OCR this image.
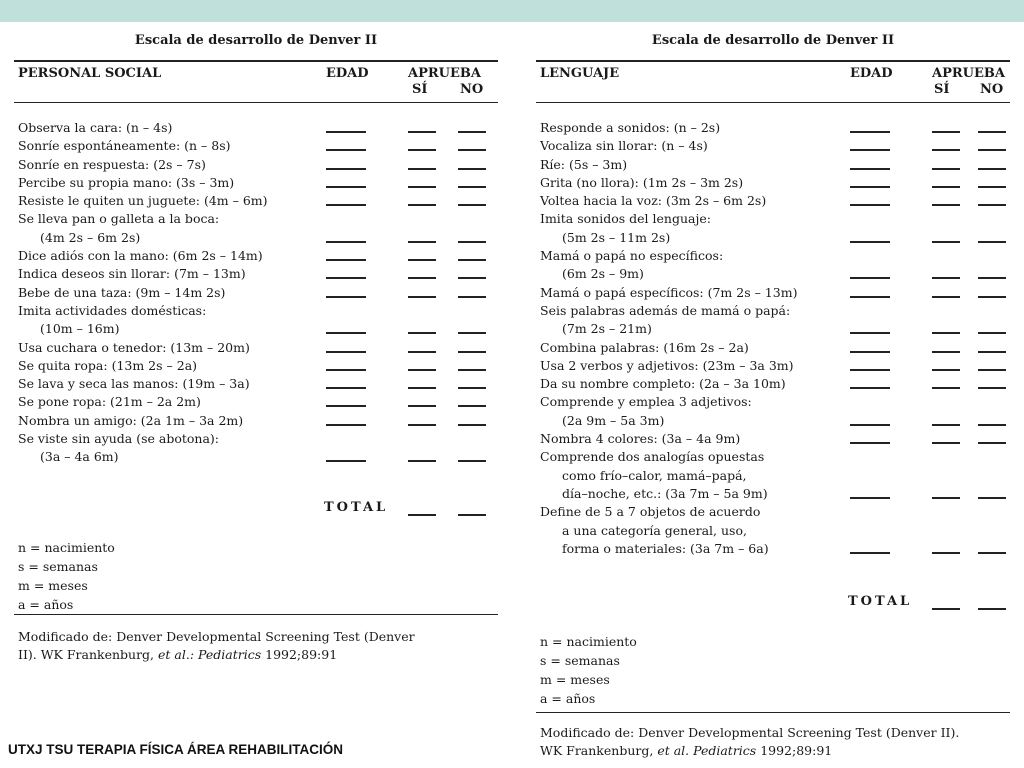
Escala de desarrollo de Denver II
PERSONAL SOCIAL	EDAD	APRUEBA
SÍ	NO
Observa la cara: (n – 4s)
Sonríe espontáneamente: (n – 8s)
Sonríe en respuesta: (2s – 7s)
Percibe su propia mano: (3s – 3m)
Resiste le quiten un juguete: (4m – 6m)
Se lleva pan o galleta a la boca:
(4m 2s – 6m 2s)
Dice adiós con la mano: (6m 2s – 14m)
Indica deseos sin llorar: (7m – 13m)
Bebe de una taza: (9m – 14m 2s)
Imita actividades domésticas:
(10m – 16m)
Usa cuchara o tenedor: (13m – 20m)
Se quita ropa: (13m 2s – 2a)
Se lava y seca las manos: (19m – 3a)
Se pone ropa: (21m – 2a 2m)
Nombra un amigo: (2a 1m – 3a 2m)
Se viste sin ayuda (se abotona):
(3a – 4a 6m)
TOTAL
n = nacimiento
s = semanas
m = meses
a = años
Modificado de: Denver Developmental Screening Test (Denver
II). WK Frankenburg, et al.: Pediatrics 1992;89:91
Escala de desarrollo de Denver II
LENGUAJE	EDAD	APRUEBA
SÍ NO
Responde a sonidos: (n – 2s)
Vocaliza sin llorar: (n – 4s)
Ríe: (5s – 3m)
Grita (no llora): (1m 2s – 3m 2s)
Voltea hacia la voz: (3m 2s – 6m 2s)
Imita sonidos del lenguaje:
(5m 2s – 11m 2s)
Mamá o papá no específicos:
(6m 2s – 9m)
Mamá o papá específicos: (7m 2s – 13m)
Seis palabras además de mamá o papá:
(7m 2s – 21m)
Combina palabras: (16m 2s – 2a)
Usa 2 verbos y adjetivos: (23m – 3a 3m)
Da su nombre completo: (2a – 3a 10m)
Comprende y emplea 3 adjetivos:
(2a 9m – 5a 3m)
Nombra 4 colores: (3a – 4a 9m)
Comprende dos analogías opuestas
como frío–calor, mamá–papá,
día–noche, etc.: (3a 7m – 5a 9m)
Define de 5 a 7 objetos de acuerdo
a una categoría general, uso,
forma o materiales: (3a 7m – 6a)
TOTAL
n = nacimiento
s = semanas
m = meses
a = años
Modificado de: Denver Developmental Screening Test (Denver II).
WK Frankenburg, et al. Pediatrics 1992;89:91
UTXJ TSU TERAPIA FÍSICA ÁREA REHABILITACIÓN
